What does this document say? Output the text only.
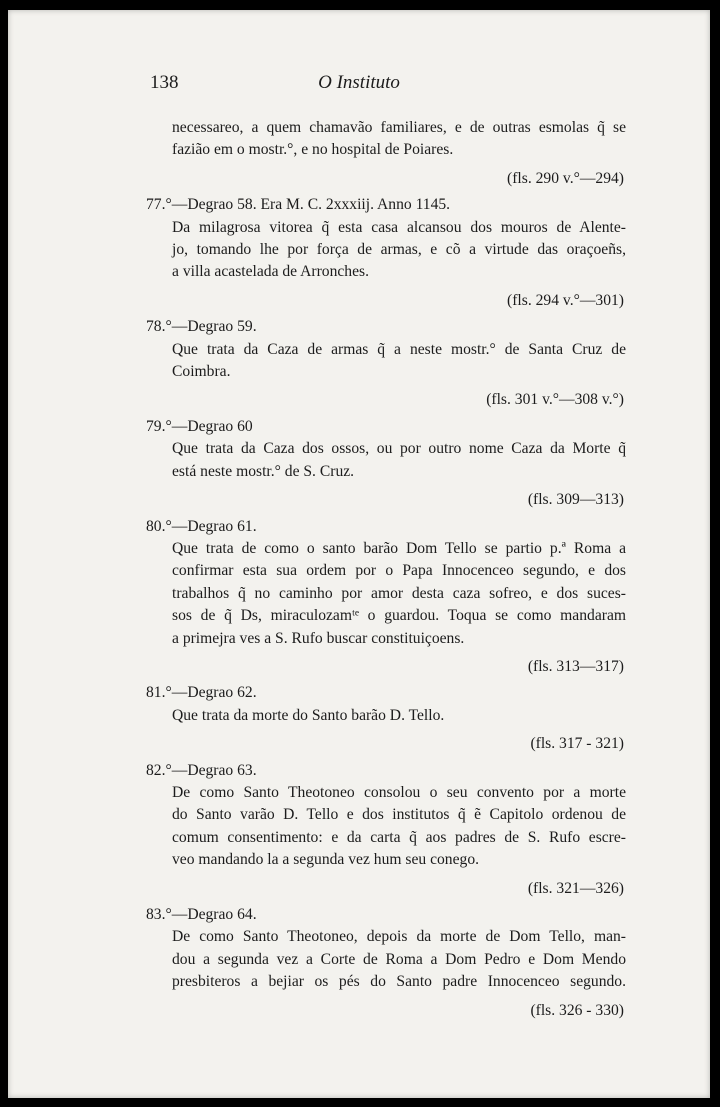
138	O Instituto
necessareo, a quem chamavão familiares, e de outras esmolas q̃ se
fazião em o mostr.°, e no hospital de Poiares.
(fls. 290 v.°—294)
77.°—Degrao 58. Era M. C. 2xxxiij. Anno 1145.
Da milagrosa vitorea q̃ esta casa alcansou dos mouros de Alente-
jo, tomando lhe por força de armas, e cõ a virtude das oraçoeñs,
a villa acastelada de Arronches.
(fls. 294 v.°—301)
78.°—Degrao 59.
Que trata da Caza de armas q̃ a neste mostr.° de Santa Cruz de
Coimbra.
(fls. 301 v.°—308 v.°)
79.°—Degrao 60
Que trata da Caza dos ossos, ou por outro nome Caza da Morte q̃
está neste mostr.° de S. Cruz.
(fls. 309—313)
80.°—Degrao 61.
Que trata de como o santo barão Dom Tello se partio p.ª Roma a
confirmar esta sua ordem por o Papa Innocenceo segundo, e dos
trabalhos q̃ no caminho por amor desta caza sofreo, e dos suces-
sos de q̃ Ds, miraculozamᵗᵉ o guardou. Toqua se como mandaram
a primejra ves a S. Rufo buscar constituiçoens.
(fls. 313—317)
81.°—Degrao 62.
Que trata da morte do Santo barão D. Tello.
(fls. 317 - 321)
82.°—Degrao 63.
De como Santo Theotoneo consolou o seu convento por a morte
do Santo varão D. Tello e dos institutos q̃ ẽ Capitolo ordenou de
comum consentimento: e da carta q̃ aos padres de S. Rufo escre-
veo mandando la a segunda vez hum seu conego.
(fls. 321—326)
83.°—Degrao 64.
De como Santo Theotoneo, depois da morte de Dom Tello, man-
dou a segunda vez a Corte de Roma a Dom Pedro e Dom Mendo
presbiteros a bejiar os pés do Santo padre Innocenceo segundo.
(fls. 326 - 330)
